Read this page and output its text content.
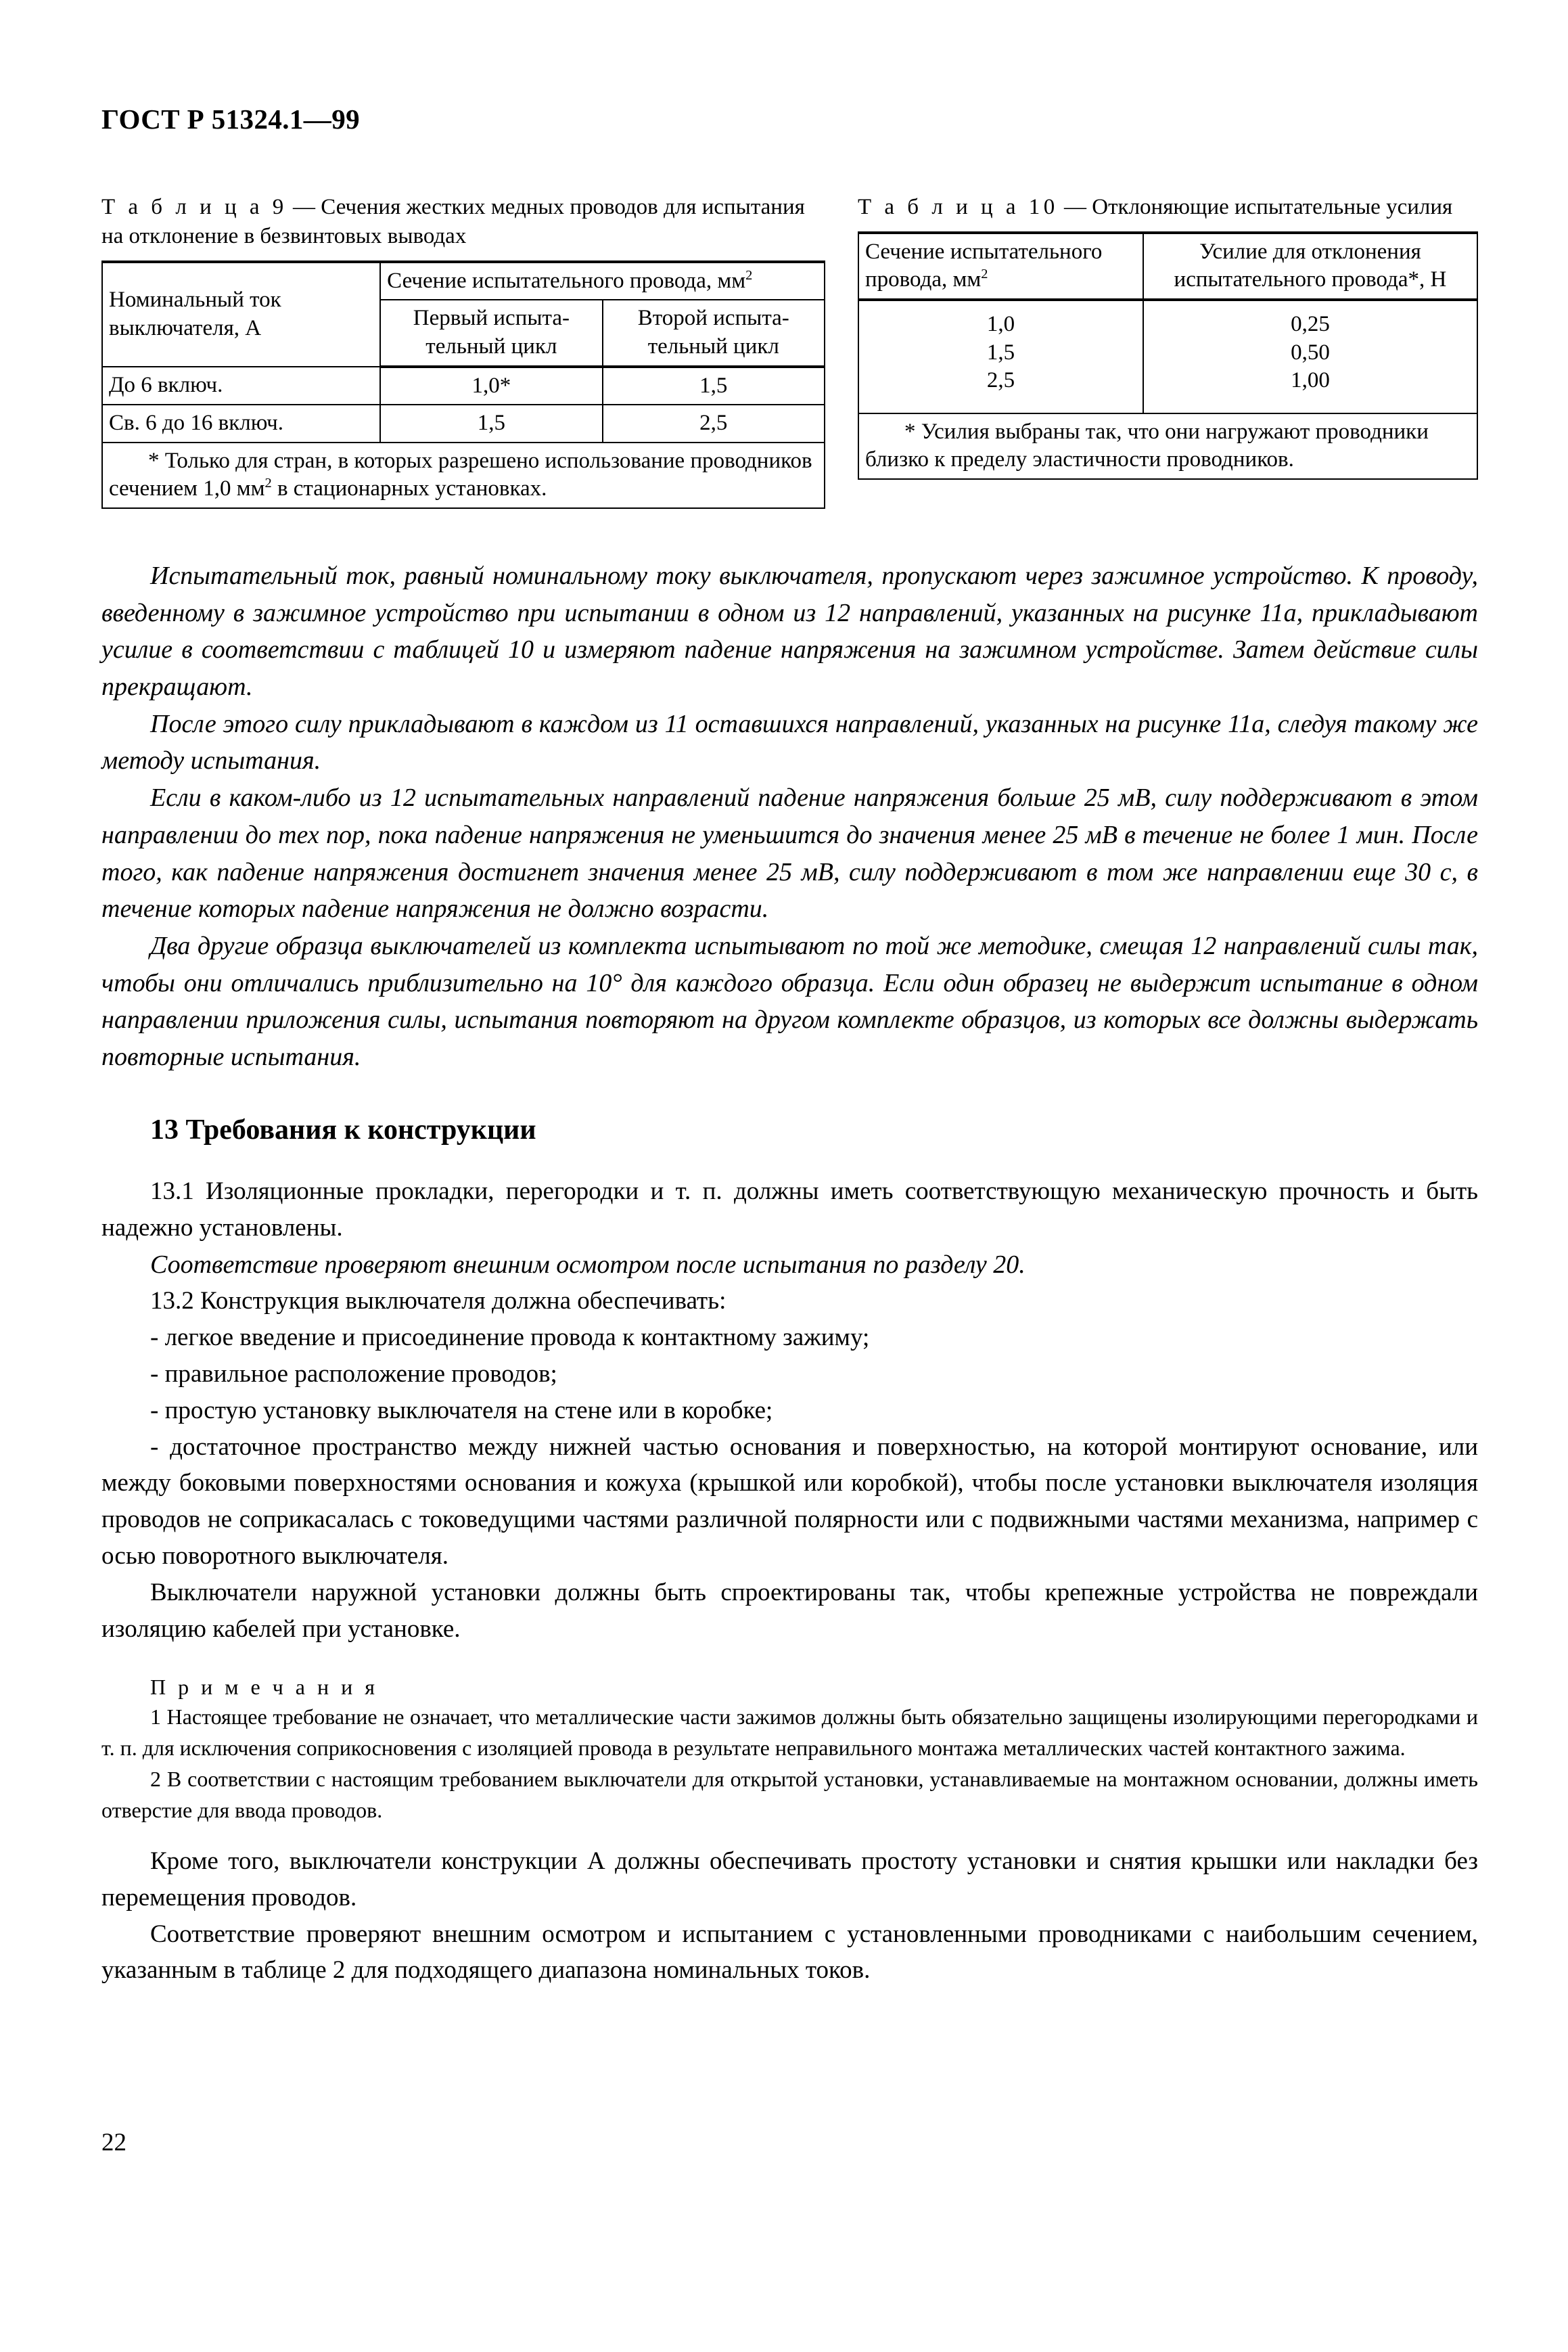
ГОСТ Р 51324.1—99
Т а б л и ц а 9 — Сечения жестких медных проводов для испытания на отклонение в безвинтовых выводах
Номинальный ток выключателя, А	Сечение испытательного провода, $мм^2$
	Первый испыта- тельный цикл	Второй испыта- тельный цикл
До 6 включ.	1,0*	1,5
Св. 6 до 16 включ.	1,5	2,5
* Только для стран, в которых разрешено использование проводников сечением 1,0 $мм^2$ в стационарных установках.		
Т а б л и ц а 10 — Отклоняющие испытательные усилия
Сечение испытательного провода, $мм^2$	Усилие для отклонения испытательного провода*, Н
1,0	0,25
1,5	0,50
2,5	1,00
* Усилия выбраны так, что они нагружают проводники близко к пределу эластичности проводников.	

Испытательный ток, равный номинальному току выключателя, пропускают через зажимное устройство. К проводу, введенному в зажимное устройство при испытании в одном из 12 направлений, указанных на рисунке 11а, прикладывают усилие в соответствии с таблицей 10 и измеряют падение напряжения на зажимном устройстве. Затем действие силы прекращают.

После этого силу прикладывают в каждом из 11 оставшихся направлений, указанных на рисунке 11а, следуя такому же методу испытания.

Если в каком-либо из 12 испытательных направлений падение напряжения больше 25 мВ, силу поддерживают в этом направлении до тех пор, пока падение напряжения не уменьшится до значения менее 25 мВ в течение не более 1 мин. После того, как падение напряжения достигнет значения менее 25 мВ, силу поддерживают в том же направлении еще 30 с, в течение которых падение напряжения не должно возрасти.

Два другие образца выключателей из комплекта испытывают по той же методике, смещая 12 направлений силы так, чтобы они отличались приблизительно на 10° для каждого образца. Если один образец не выдержит испытание в одном направлении приложения силы, испытания повторяют на другом комплекте образцов, из которых все должны выдержать повторные испытания.

13 Требования к конструкции

13.1 Изоляционные прокладки, перегородки и т. п. должны иметь соответствующую механическую прочность и быть надежно установлены.

Соответствие проверяют внешним осмотром после испытания по разделу 20.

13.2 Конструкция выключателя должна обеспечивать:

- легкое введение и присоединение провода к контактному зажиму;

- правильное расположение проводов;

- простую установку выключателя на стене или в коробке;

- достаточное пространство между нижней частью основания и поверхностью, на которой монтируют основание, или между боковыми поверхностями основания и кожуха (крышкой или коробкой), чтобы после установки выключателя изоляция проводов не соприкасалась с токоведущими частями различной полярности или с подвижными частями механизма, например с осью поворотного выключателя.

Выключатели наружной установки должны быть спроектированы так, чтобы крепежные устройства не повреждали изоляцию кабелей при установке.

П р и м е ч а н и я

1 Настоящее требование не означает, что металлические части зажимов должны быть обязательно защищены изолирующими перегородками и т. п. для исключения соприкосновения с изоляцией провода в результате неправильного монтажа металлических частей контактного зажима.

2 В соответствии с настоящим требованием выключатели для открытой установки, устанавливаемые на монтажном основании, должны иметь отверстие для ввода проводов.

Кроме того, выключатели конструкции А должны обеспечивать простоту установки и снятия крышки или накладки без перемещения проводов.

Соответствие проверяют внешним осмотром и испытанием с установленными проводниками с наибольшим сечением, указанным в таблице 2 для подходящего диапазона номинальных токов.

22
